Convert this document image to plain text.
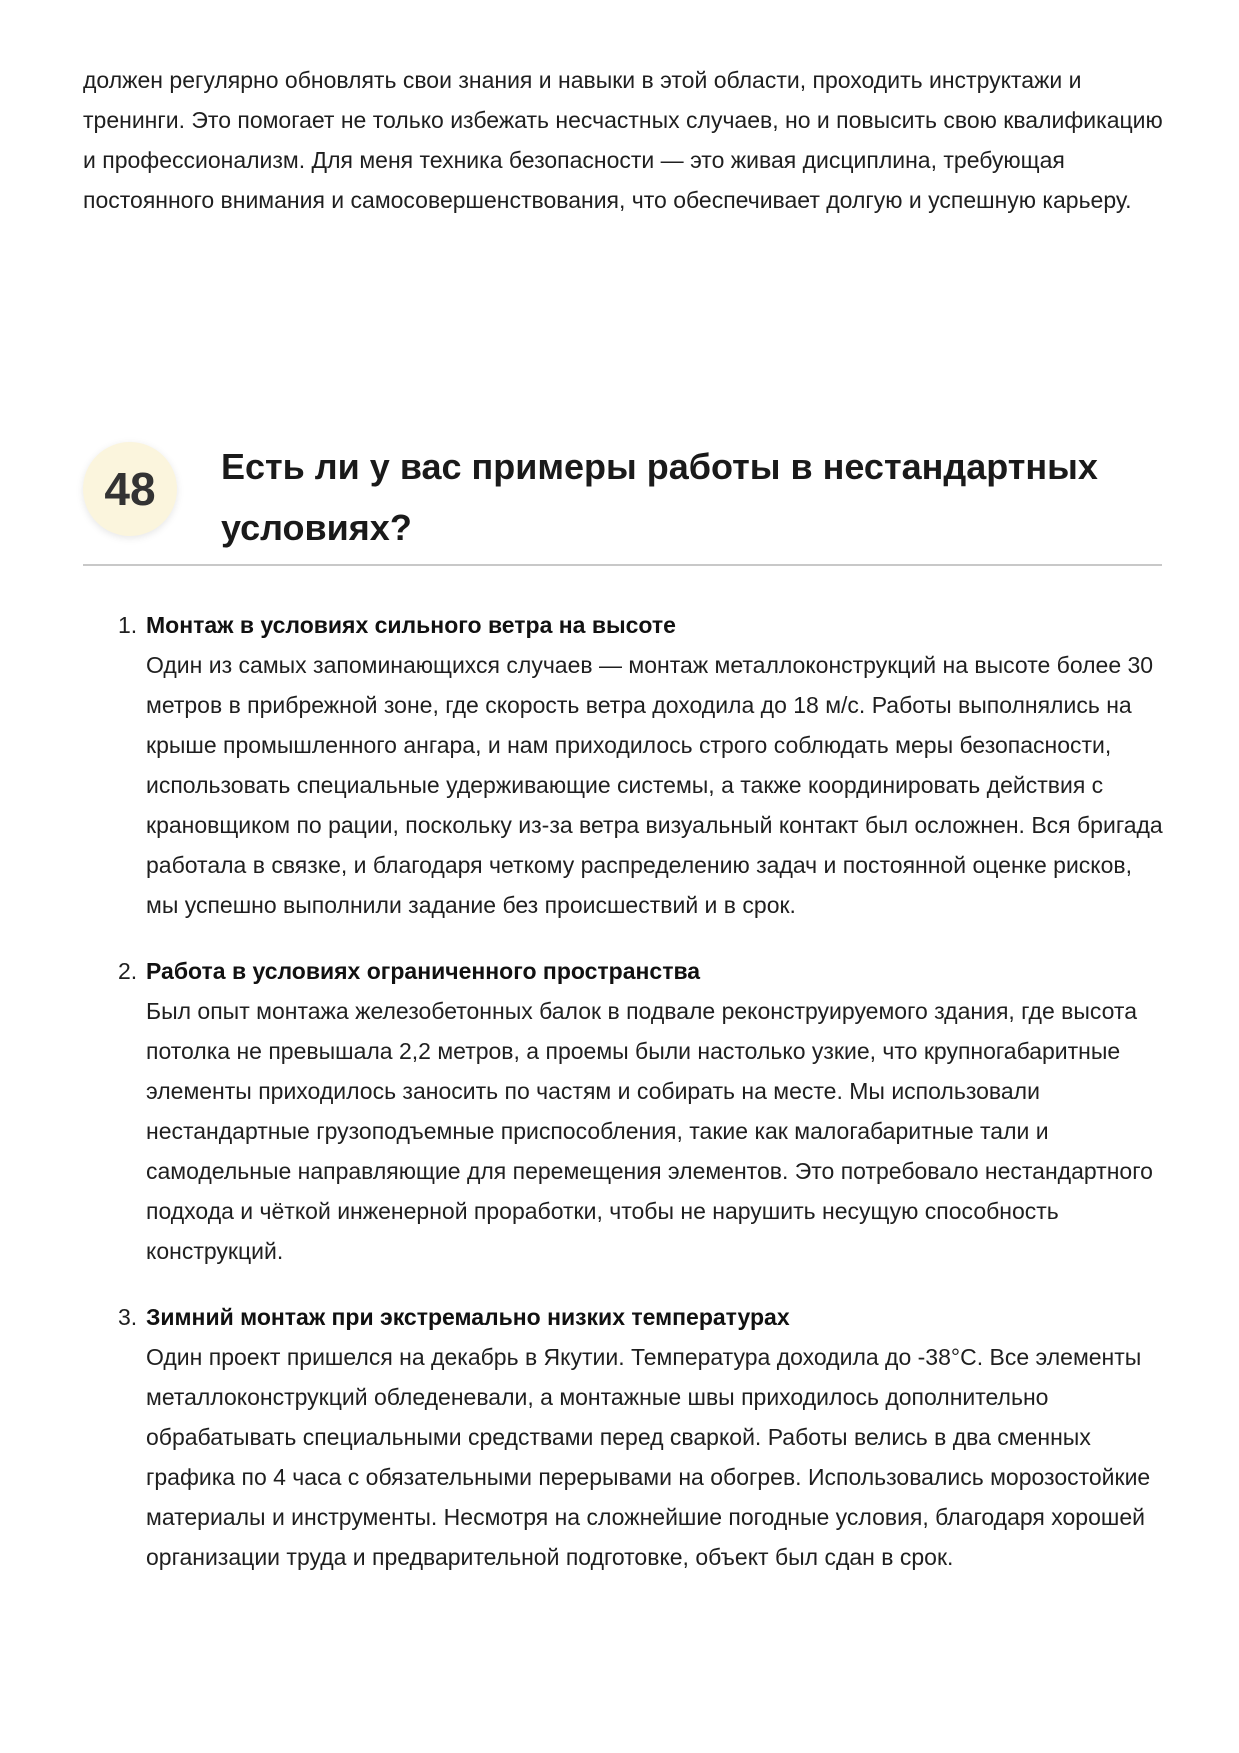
должен регулярно обновлять свои знания и навыки в этой области, проходить инструктажи и тренинги. Это помогает не только избежать несчастных случаев, но и повысить свою квалификацию и профессионализм. Для меня техника безопасности — это живая дисциплина, требующая постоянного внимания и самосовершенствования, что обеспечивает долгую и успешную карьеру.

48	Есть ли у вас примеры работы в нестандартных условиях?
1. Монтаж в условиях сильного ветра на высоте
Один из самых запоминающихся случаев — монтаж металлоконструкций на высоте более 30 метров в прибрежной зоне, где скорость ветра доходила до 18 м/с. Работы выполнялись на крыше промышленного ангара, и нам приходилось строго соблюдать меры безопасности, использовать специальные удерживающие системы, а также координировать действия с крановщиком по рации, поскольку из-за ветра визуальный контакт был осложнен. Вся бригада работала в связке, и благодаря четкому распределению задач и постоянной оценке рисков, мы успешно выполнили задание без происшествий и в срок.
2. Работа в условиях ограниченного пространства
Был опыт монтажа железобетонных балок в подвале реконструируемого здания, где высота потолка не превышала 2,2 метров, а проемы были настолько узкие, что крупногабаритные элементы приходилось заносить по частям и собирать на месте. Мы использовали нестандартные грузоподъемные приспособления, такие как малогабаритные тали и самодельные направляющие для перемещения элементов. Это потребовало нестандартного подхода и чёткой инженерной проработки, чтобы не нарушить несущую способность конструкций.
3. Зимний монтаж при экстремально низких температурах
Один проект пришелся на декабрь в Якутии. Температура доходила до -38°C. Все элементы металлоконструкций обледеневали, а монтажные швы приходилось дополнительно обрабатывать специальными средствами перед сваркой. Работы велись в два сменных графика по 4 часа с обязательными перерывами на обогрев. Использовались морозостойкие материалы и инструменты. Несмотря на сложнейшие погодные условия, благодаря хорошей организации труда и предварительной подготовке, объект был сдан в срок.
